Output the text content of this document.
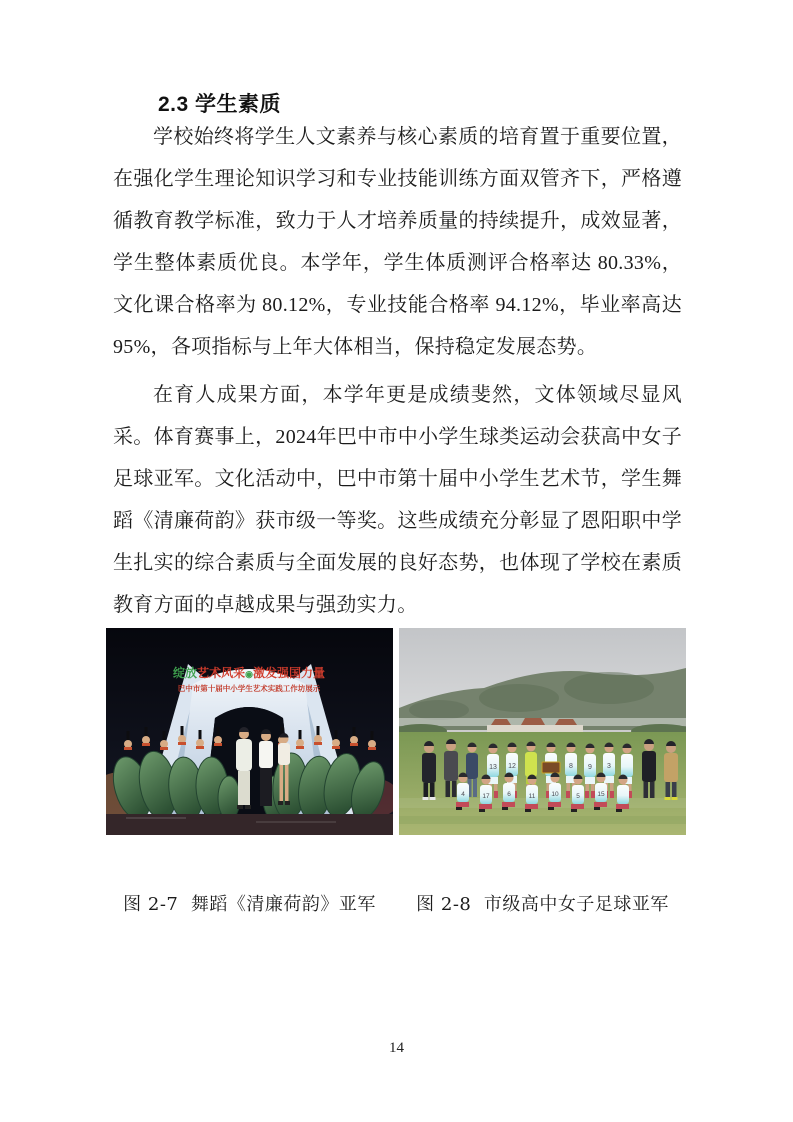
2.3 学生素质

学校始终将学生人文素养与核心素质的培育置于重要位置，在强化学生理论知识学习和专业技能训练方面双管齐下，严格遵循教育教学标准，致力于人才培养质量的持续提升，成效显著，学生整体素质优良。本学年，学生体质测评合格率达 80.33%，文化课合格率为 80.12%，专业技能合格率 94.12%，毕业率高达 95%，各项指标与上年大体相当，保持稳定发展态势。

在育人成果方面，本学年更是成绩斐然，文体领域尽显风采。体育赛事上，2024年巴中市中小学生球类运动会获高中女子足球亚军。文化活动中，巴中市第十届中小学生艺术节，学生舞蹈《清廉荷韵》获市级一等奖。这些成绩充分彰显了恩阳职中学生扎实的综合素质与全面发展的良好态势，也体现了学校在素质教育方面的卓越成果与强劲实力。

绽放艺术风采◉激发强国力量
巴中市第十届中小学生艺术实践工作坊展示
13 12	8 9 3
4	17	6	11 10	5	15
图 2-7  舞蹈《清廉荷韵》亚军	图 2-8  市级高中女子足球亚军
14
